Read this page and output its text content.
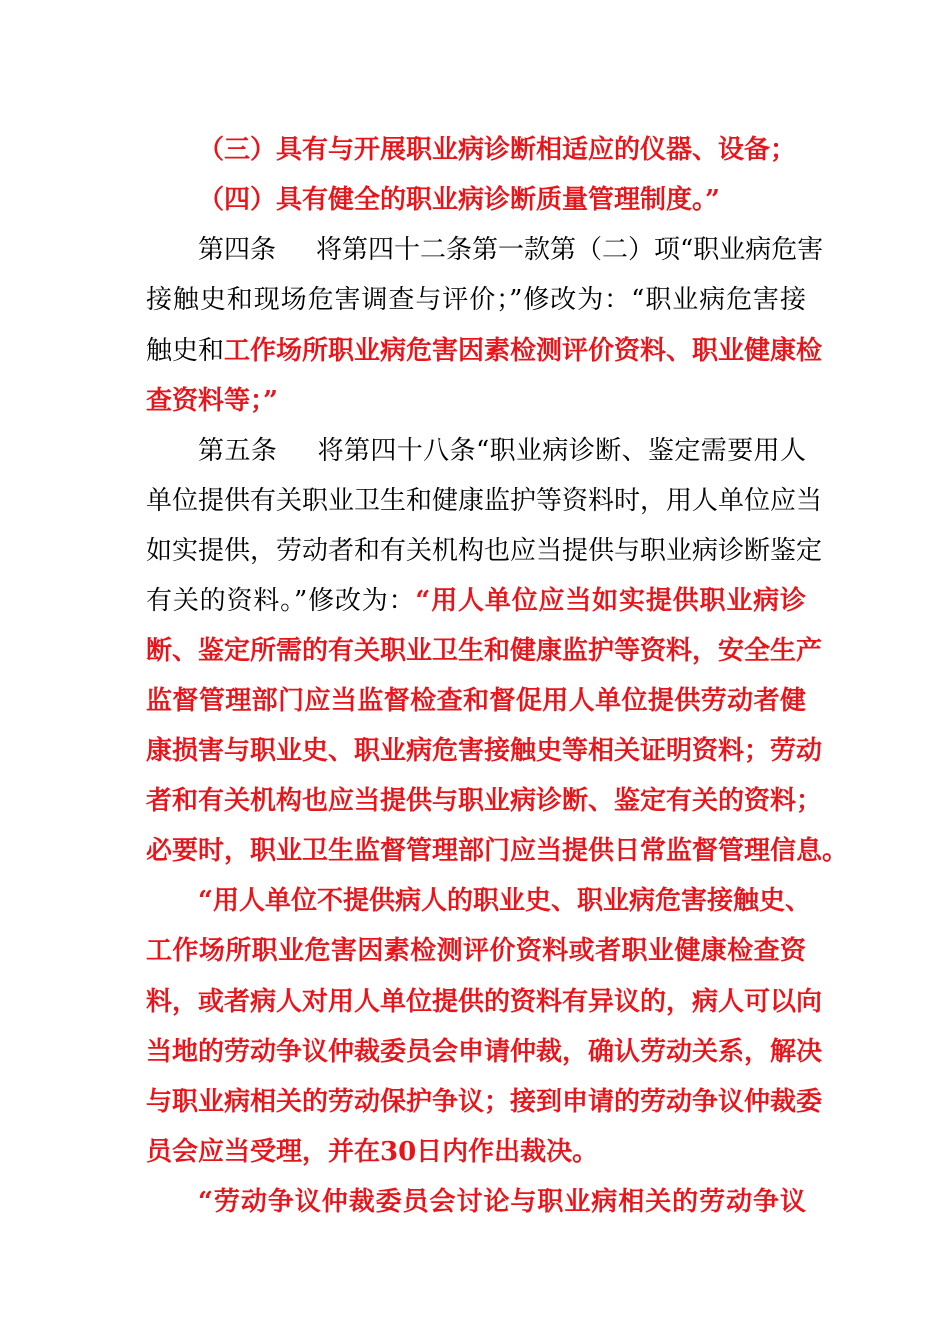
（三）具有与开展职业病诊断相适应的仪器、设备；
（四）具有健全的职业病诊断质量管理制度。”
第四条 将第四十二条第一款第（二）项“职业病危害
接触史和现场危害调查与评价；”修改为：“职业病危害接
触史和工作场所职业病危害因素检测评价资料、职业健康检
查资料等；”
第五条 将第四十八条“职业病诊断、鉴定需要用人
单位提供有关职业卫生和健康监护等资料时，用人单位应当
如实提供，劳动者和有关机构也应当提供与职业病诊断鉴定
有关的资料。”修改为：“用人单位应当如实提供职业病诊
断、鉴定所需的有关职业卫生和健康监护等资料，安全生产
监督管理部门应当监督检查和督促用人单位提供劳动者健
康损害与职业史、职业病危害接触史等相关证明资料；劳动
者和有关机构也应当提供与职业病诊断、鉴定有关的资料；
必要时，职业卫生监督管理部门应当提供日常监督管理信息。
“用人单位不提供病人的职业史、职业病危害接触史、
工作场所职业危害因素检测评价资料或者职业健康检查资
料，或者病人对用人单位提供的资料有异议的，病人可以向
当地的劳动争议仲裁委员会申请仲裁，确认劳动关系，解决
与职业病相关的劳动保护争议；接到申请的劳动争议仲裁委
员会应当受理，并在30日内作出裁决。
“劳动争议仲裁委员会讨论与职业病相关的劳动争议
